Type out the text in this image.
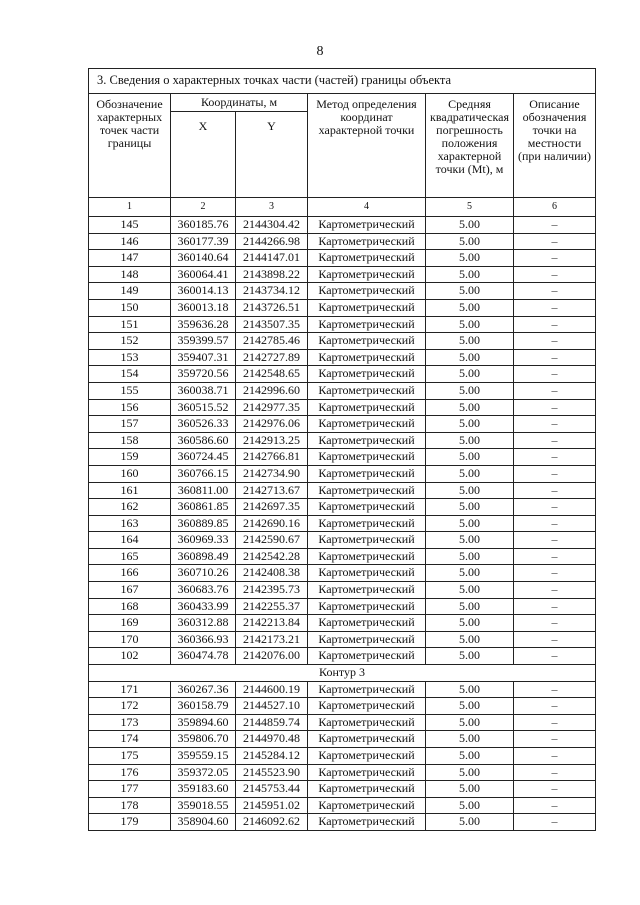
8
3. Сведения о характерных точках части (частей) границы объекта					
Обозначение характерных точек части границы	Координаты, м		Метод определения координат характерной точки	Средняя квадратическая погрешность положения характерной точки (Mt), м	Описание обозначения точки на местности (при наличии)
	X	Y			
1	2	3	4	5	6
145	360185.76	2144304.42	Картометрический	5.00	–
146	360177.39	2144266.98	Картометрический	5.00	–
147	360140.64	2144147.01	Картометрический	5.00	–
148	360064.41	2143898.22	Картометрический	5.00	–
149	360014.13	2143734.12	Картометрический	5.00	–
150	360013.18	2143726.51	Картометрический	5.00	–
151	359636.28	2143507.35	Картометрический	5.00	–
152	359399.57	2142785.46	Картометрический	5.00	–
153	359407.31	2142727.89	Картометрический	5.00	–
154	359720.56	2142548.65	Картометрический	5.00	–
155	360038.71	2142996.60	Картометрический	5.00	–
156	360515.52	2142977.35	Картометрический	5.00	–
157	360526.33	2142976.06	Картометрический	5.00	–
158	360586.60	2142913.25	Картометрический	5.00	–
159	360724.45	2142766.81	Картометрический	5.00	–
160	360766.15	2142734.90	Картометрический	5.00	–
161	360811.00	2142713.67	Картометрический	5.00	–
162	360861.85	2142697.35	Картометрический	5.00	–
163	360889.85	2142690.16	Картометрический	5.00	–
164	360969.33	2142590.67	Картометрический	5.00	–
165	360898.49	2142542.28	Картометрический	5.00	–
166	360710.26	2142408.38	Картометрический	5.00	–
167	360683.76	2142395.73	Картометрический	5.00	–
168	360433.99	2142255.37	Картометрический	5.00	–
169	360312.88	2142213.84	Картометрический	5.00	–
170	360366.93	2142173.21	Картометрический	5.00	–
102	360474.78	2142076.00	Картометрический	5.00	–
Контур 3					
171	360267.36	2144600.19	Картометрический	5.00	–
172	360158.79	2144527.10	Картометрический	5.00	–
173	359894.60	2144859.74	Картометрический	5.00	–
174	359806.70	2144970.48	Картометрический	5.00	–
175	359559.15	2145284.12	Картометрический	5.00	–
176	359372.05	2145523.90	Картометрический	5.00	–
177	359183.60	2145753.44	Картометрический	5.00	–
178	359018.55	2145951.02	Картометрический	5.00	–
179	358904.60	2146092.62	Картометрический	5.00	–
